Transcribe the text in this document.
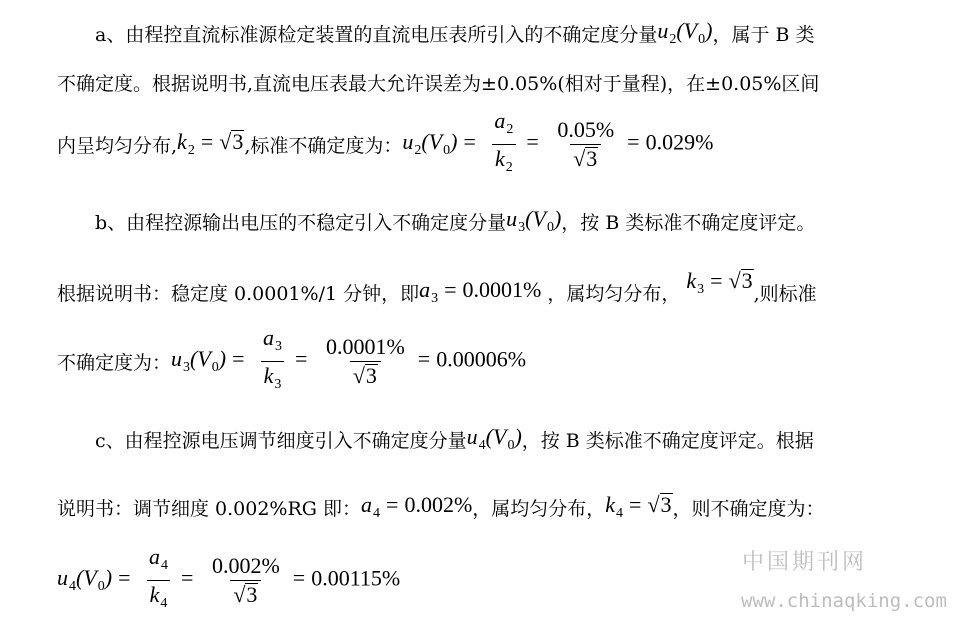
a、由程控直流标准源检定装置的直流电压表所引入的不确定度分量 $u_2(V_0)$ ，属于 B 类
不确定度。根据说明书,直流电压表最大允许误差为±0.05%(相对于量程)，在±0.05%区间
内呈均匀分布, $k_2$ = √ 3 ,标准不确定度为： $u_2(V_0) = \frac{a_2}{k_2} = \frac{0.05\%}{√ 3} = 0.029\%$
b、由程控源输出电压的不稳定引入不确定度分量 $u_3(V_0)$ ，按 B 类标准不确定度评定。
根据说明书：稳定度 0.0001%/1 分钟，即 $a_3 = 0.0001\%$ ，属均匀分布，
$k_3$ = √ 3
,则标准
不确定度为： $u_3(V_0) = \frac{a_3}{k_3} = \frac{0.0001\%}{√ 3} = 0.00006\%$
c、由程控源电压调节细度引入不确定度分量 $u_4(V_0)$ ，按 B 类标准不确定度评定。根据
说明书：调节细度 0.002%RG 即： $a_4 = 0.002\%$ ，属均匀分布， $k_4$ = √ 3 ，则不确定度为：
$u_4(V_0) = \frac{a_4}{k_4} = \frac{0.002\%}{√ 3} = 0.00115\%$
中国期刊网
www.chinaqking.com
